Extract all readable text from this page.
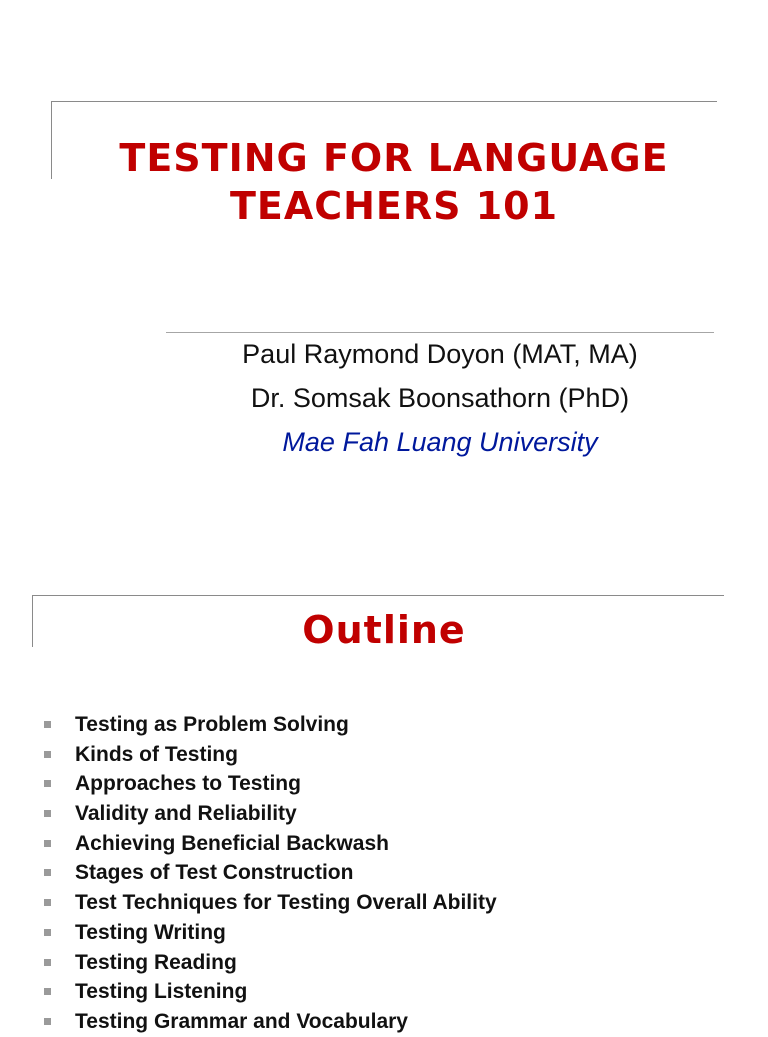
TESTING FOR LANGUAGE
TEACHERS 101

Paul Raymond Doyon (MAT, MA)

Dr. Somsak Boonsathorn (PhD)

Mae Fah Luang University

Outline
Testing as Problem Solving
Kinds of Testing
Approaches to Testing
Validity and Reliability
Achieving Beneficial Backwash
Stages of Test Construction
Test Techniques for Testing Overall Ability
Testing Writing
Testing Reading
Testing Listening
Testing Grammar and Vocabulary
